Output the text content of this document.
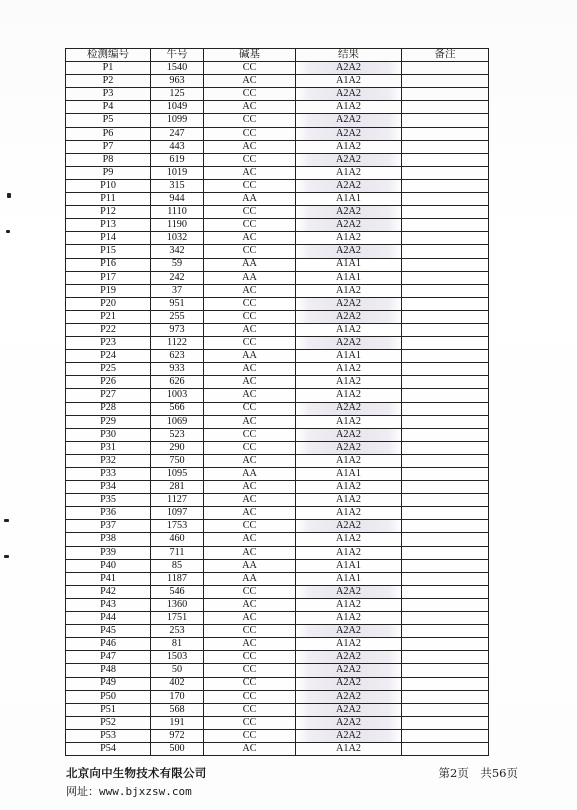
检测编号	牛号	碱基	结果	备注
P1	1540	CC	A2A2	
P2	963	AC	A1A2	
P3	125	CC	A2A2	
P4	1049	AC	A1A2	
P5	1099	CC	A2A2	
P6	247	CC	A2A2	
P7	443	AC	A1A2	
P8	619	CC	A2A2	
P9	1019	AC	A1A2	
P10	315	CC	A2A2	
P11	944	AA	A1A1	
P12	1110	CC	A2A2	
P13	1190	CC	A2A2	
P14	1032	AC	A1A2	
P15	342	CC	A2A2	
P16	59	AA	A1A1	
P17	242	AA	A1A1	
P19	37	AC	A1A2	
P20	951	CC	A2A2	
P21	255	CC	A2A2	
P22	973	AC	A1A2	
P23	1122	CC	A2A2	
P24	623	AA	A1A1	
P25	933	AC	A1A2	
P26	626	AC	A1A2	
P27	1003	AC	A1A2	
P28	566	CC	A2A2	
P29	1069	AC	A1A2	
P30	523	CC	A2A2	
P31	290	CC	A2A2	
P32	750	AC	A1A2	
P33	1095	AA	A1A1	
P34	281	AC	A1A2	
P35	1127	AC	A1A2	
P36	1097	AC	A1A2	
P37	1753	CC	A2A2	
P38	460	AC	A1A2	
P39	711	AC	A1A2	
P40	85	AA	A1A1	
P41	1187	AA	A1A1	
P42	546	CC	A2A2	
P43	1360	AC	A1A2	
P44	1751	AC	A1A2	
P45	253	CC	A2A2	
P46	81	AC	A1A2	
P47	1503	CC	A2A2	
P48	50	CC	A2A2	
P49	402	CC	A2A2	
P50	170	CC	A2A2	
P51	568	CC	A2A2	
P52	191	CC	A2A2	
P53	972	CC	A2A2	
P54	500	AC	A1A2	
北京向中生物技术有限公司
网址：www.bjxzsw.com
第2页　共56页
